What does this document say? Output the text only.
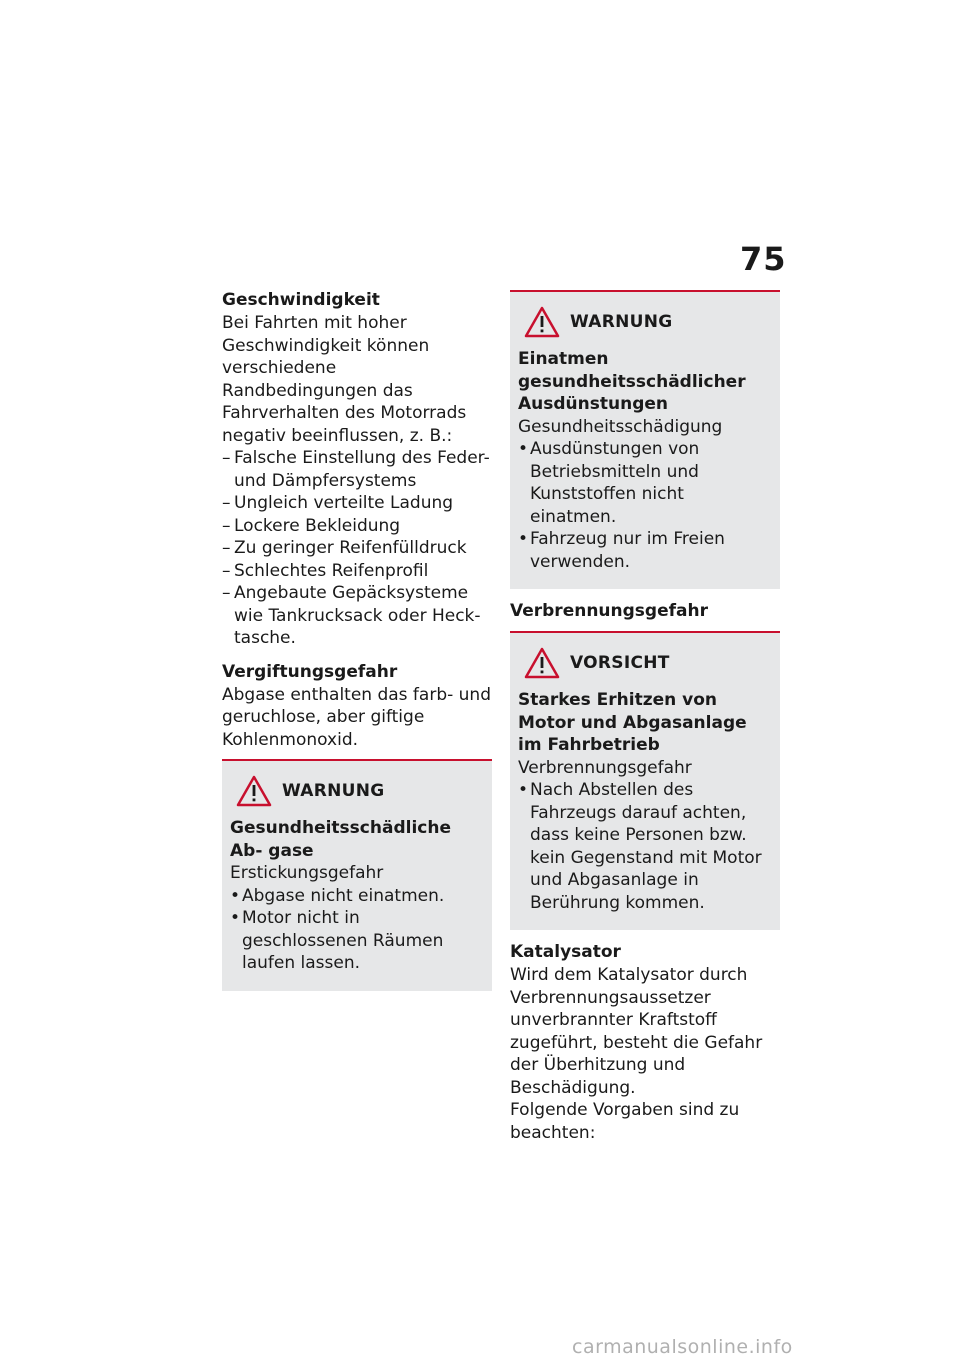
75

Geschwindigkeit

Bei Fahrten mit hoher Geschwindigkeit können verschiedene Randbedingungen das Fahrverhalten des Motorrads negativ beeinflussen, z. B.:

– Falsche Einstellung des Feder- und Dämpfersystems
– Ungleich verteilte Ladung
– Lockere Bekleidung
– Zu geringer Reifenfülldruck
– Schlechtes Reifenprofil
– Angebaute Gepäcksysteme wie Tankrucksack oder Heck- tasche.

Vergiftungsgefahr

Abgase enthalten das farb- und geruchlose, aber giftige Kohlenmonoxid.

WARNUNG

Gesundheitsschädliche Ab- gase

Erstickungsgefahr

• Abgase nicht einatmen.
• Motor nicht in geschlossenen Räumen laufen lassen.
WARNUNG

Einatmen gesundheitsschädlicher Ausdünstungen

Gesundheitsschädigung

• Ausdünstungen von Betriebsmitteln und Kunststoffen nicht einatmen.
• Fahrzeug nur im Freien verwenden.

Verbrennungsgefahr

VORSICHT

Starkes Erhitzen von Motor und Abgasanlage im Fahrbetrieb

Verbrennungsgefahr

• Nach Abstellen des Fahrzeugs darauf achten, dass keine Personen bzw. kein Gegenstand mit Motor und Abgasanlage in Berührung kommen.

Katalysator

Wird dem Katalysator durch Verbrennungsaussetzer unverbrannter Kraftstoff zugeführt, besteht die Gefahr der Überhitzung und Beschädigung.

Folgende Vorgaben sind zu beachten:

carmanualsonline.info
